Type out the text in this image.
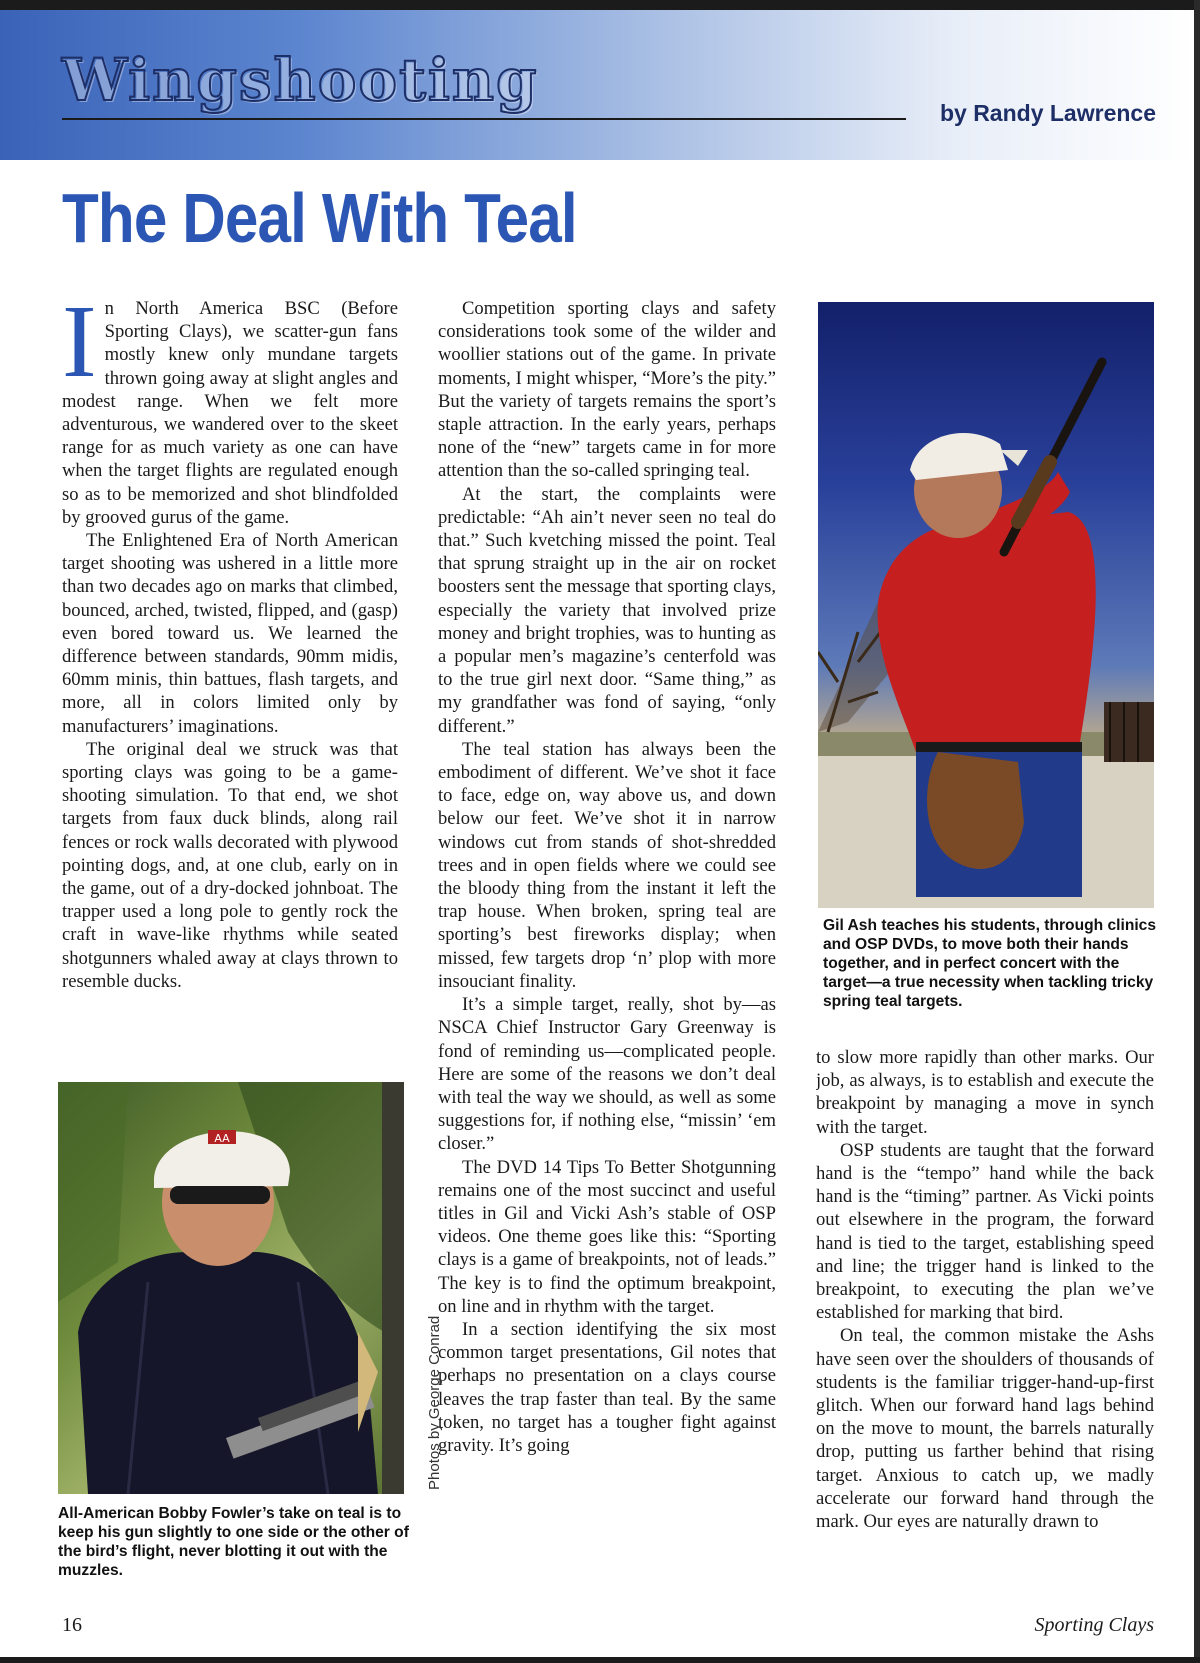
Wingshooting	by Randy Lawrence
The Deal With Teal

In North America BSC (Before Sporting Clays), we scatter-gun fans mostly knew only mundane targets thrown going away at slight angles and modest range. When we felt more adventurous, we wandered over to the skeet range for as much variety as one can have when the target flights are regulated enough so as to be memorized and shot blindfolded by grooved gurus of the game.

The Enlightened Era of North American target shooting was ushered in a little more than two decades ago on marks that climbed, bounced, arched, twisted, flipped, and (gasp) even bored toward us. We learned the difference between standards, 90mm midis, 60mm minis, thin battues, flash targets, and more, all in colors limited only by manufacturers’ imaginations.

The original deal we struck was that sporting clays was going to be a game-shooting simulation. To that end, we shot targets from faux duck blinds, along rail fences or rock walls decorated with plywood pointing dogs, and, at one club, early on in the game, out of a dry-docked johnboat. The trapper used a long pole to gently rock the craft in wave-like rhythms while seated shotgunners whaled away at clays thrown to resemble ducks.

Competition sporting clays and safety considerations took some of the wilder and woollier stations out of the game. In private moments, I might whisper, “More’s the pity.” But the variety of targets remains the sport’s staple attraction. In the early years, perhaps none of the “new” targets came in for more attention than the so-called springing teal.

At the start, the complaints were predictable: “Ah ain’t never seen no teal do that.” Such kvetching missed the point. Teal that sprung straight up in the air on rocket boosters sent the message that sporting clays, especially the variety that involved prize money and bright trophies, was to hunting as a popular men’s magazine’s centerfold was to the true girl next door. “Same thing,” as my grandfather was fond of saying, “only different.”

The teal station has always been the embodiment of different. We’ve shot it face to face, edge on, way above us, and down below our feet. We’ve shot it in narrow windows cut from stands of shot-shredded trees and in open fields where we could see the bloody thing from the instant it left the trap house. When broken, spring teal are sporting’s best fireworks display; when missed, few targets drop ‘n’ plop with more insouciant finality.

It’s a simple target, really, shot by—as NSCA Chief Instructor Gary Greenway is fond of reminding us—complicated people. Here are some of the reasons we don’t deal with teal the way we should, as well as some suggestions for, if nothing else, “missin’ ‘em closer.”

The DVD 14 Tips To Better Shotgunning remains one of the most succinct and useful titles in Gil and Vicki Ash’s stable of OSP videos. One theme goes like this: “Sporting clays is a game of breakpoints, not of leads.” The key is to find the optimum breakpoint, on line and in rhythm with the target.

In a section identifying the six most common target presentations, Gil notes that perhaps no presentation on a clays course leaves the trap faster than teal. By the same token, no target has a tougher fight against gravity. It’s going

Gil Ash teaches his students, through clinics and OSP DVDs, to move both their hands together, and in perfect concert with the target—a true necessity when tackling tricky spring teal targets.
AA
Photos by George Conrad
All-American Bobby Fowler’s take on teal is to keep his gun slightly to one side or the other of the bird’s flight, never blotting it out with the muzzles.

to slow more rapidly than other marks. Our job, as always, is to establish and execute the breakpoint by managing a move in synch with the target.

OSP students are taught that the forward hand is the “tempo” hand while the back hand is the “timing” partner. As Vicki points out elsewhere in the program, the forward hand is tied to the target, establishing speed and line; the trigger hand is linked to the breakpoint, to executing the plan we’ve established for marking that bird.

On teal, the common mistake the Ashs have seen over the shoulders of thousands of students is the familiar trigger-hand-up-first glitch. When our forward hand lags behind on the move to mount, the barrels naturally drop, putting us farther behind that rising target. Anxious to catch up, we madly accelerate our forward hand through the mark. Our eyes are naturally drawn to

16	Sporting Clays
